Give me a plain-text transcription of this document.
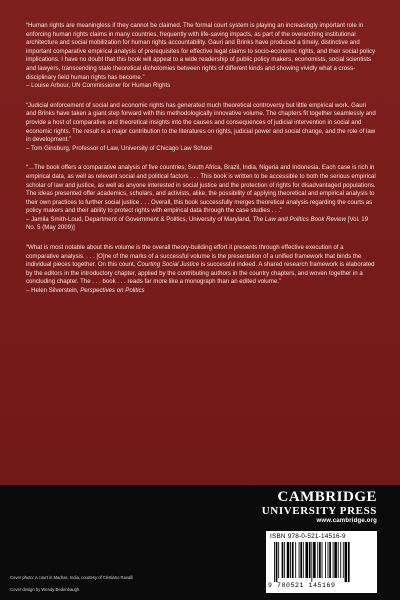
“Human rights are meaningless if they cannot be claimed. The formal court system is playing an increasingly important role in enforcing human rights claims in many countries, frequently with life-saving impacts, as part of the overarching institutional architecture and social mobilization for human rights accountability. Gauri and Brinks have produced a timely, distinctive and important comparative empirical analysis of prerequisites for effective legal claims to socio-economic rights, and their social policy implications. I have no doubt that this book will appeal to a wide readership of public policy makers, economists, social scientists and lawyers, transcending stale theoretical dichotomies between rights of different kinds and showing vividly what a cross-disciplinary field human rights has become.”

– Louise Arbour, UN Commissioner for Human Rights

“Judicial enforcement of social and economic rights has generated much theoretical controversy but little empirical work. Gauri and Brinks have taken a giant step forward with this methodologically innovative volume. The chapters fit together seamlessly and provide a host of comparative and theoretical insights into the causes and consequences of judicial intervention in social and economic rights. The result is a major contribution to the literatures on rights, judicial power and social change, and the role of law in development.”

– Tom Ginsburg, Professor of Law, University of Chicago Law School

“…The book offers a comparative analysis of five countries, South Africa, Brazil, India, Nigeria and Indonesia. Each case is rich in empirical data, as well as relevant social and political factors . . . This book is written to be accessible to both the serious empirical scholar of law and justice, as well as anyone interested in social justice and the protection of rights for disadvantaged populations. The ideas presented offer academics, scholars, and activists, alike, the possibility of applying theoretical and empirical analysis to their own practices to further social justice . . . Overall, this book successfully merges theoretical analysis regarding the courts as policy makers and their ability to protect rights with empirical data through the case studies . . .”

– Jamila Smith-Loud, Department of Government & Politics, University of Maryland, The Law and Politics Book Review [Vol. 19 No. 5 (May 2009)]

“What is most notable about this volume is the overall theory-building effort it presents through effective execution of a comparative analysis. . . . [O]ne of the marks of a successful volume is the presentation of a unified framework that binds the individual pieces together. On this count, Courting Social Justice is successful indeed. A shared research framework is elaborated by the editors in the introductory chapter, applied by the contributing authors in the country chapters, and woven together in a concluding chapter. The . . . book . . . reads far more like a monograph than an edited volume.”

– Helen Silverstein, Perspectives on Politics

CAMBRIDGE
UNIVERSITY PRESS
www.cambridge.org
ISBN 978-0-521-14516-9
9 780521 145169
Cover photo: A court in Madras, India, courtesy of Cristiano Ravalli
Cover design by Wendy Bedenbaugh
